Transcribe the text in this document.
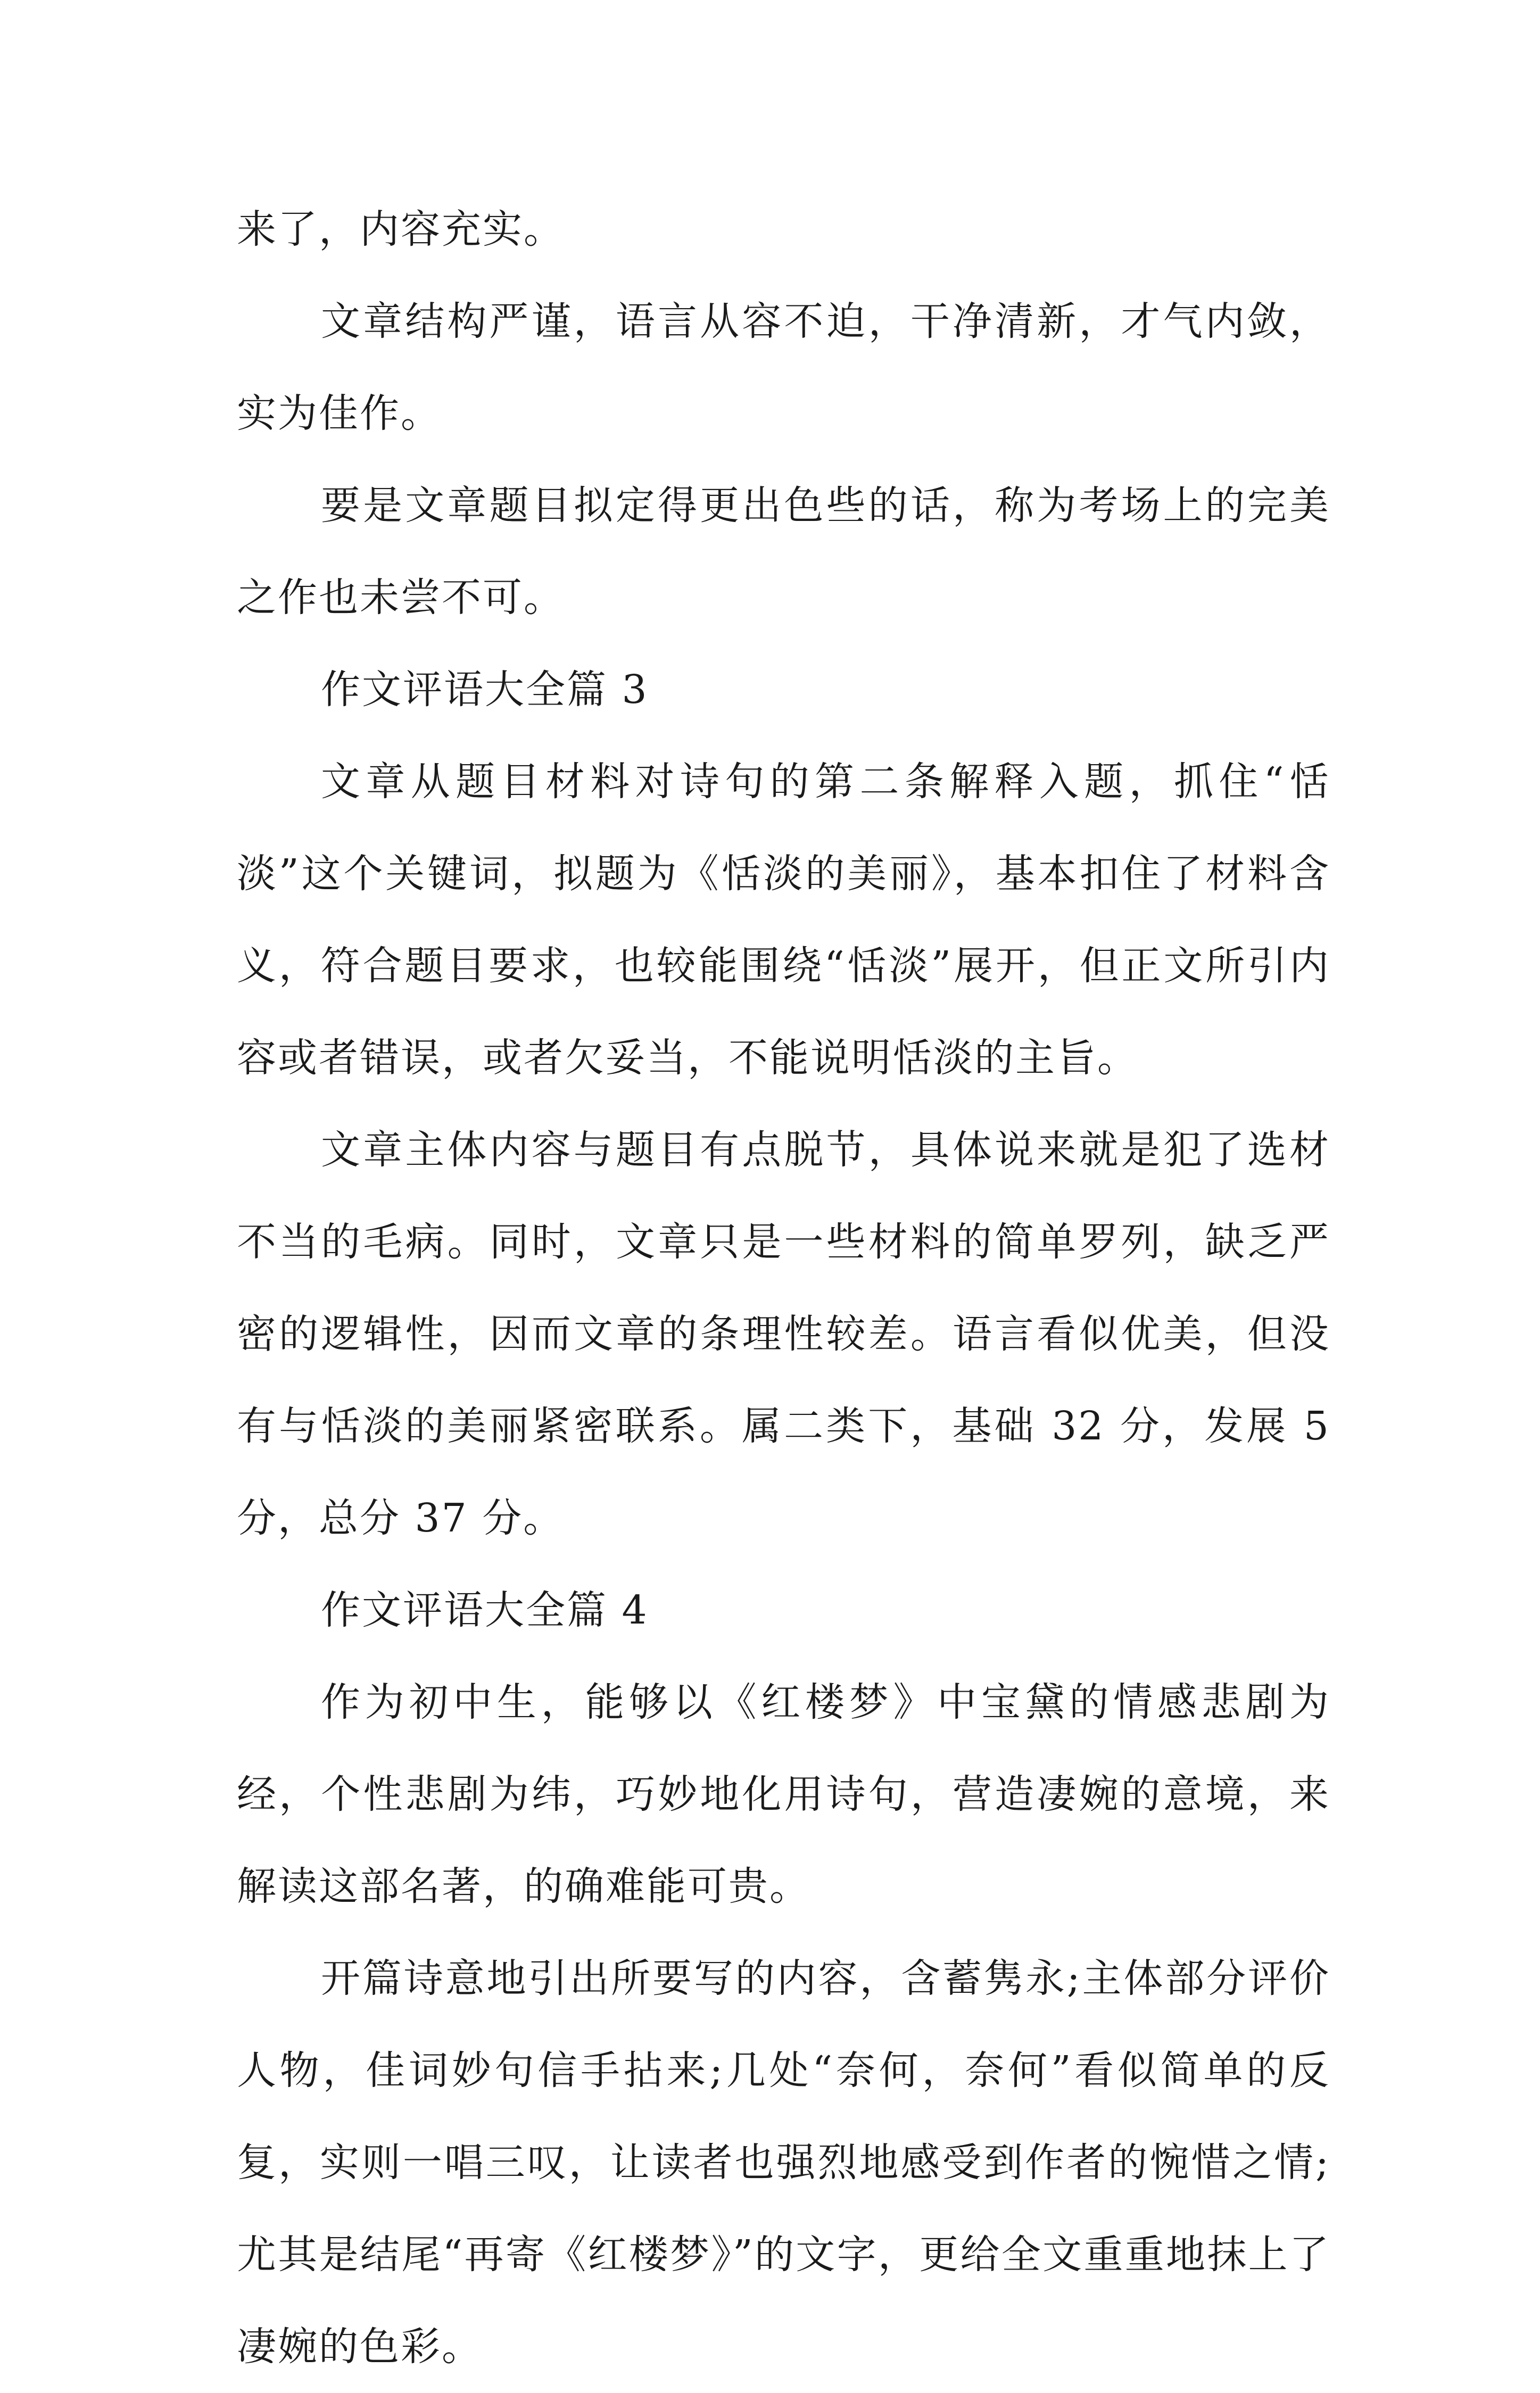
来了，内容充实。

文章结构严谨，语言从容不迫，干净清新，才气内敛，实为佳作。

要是文章题目拟定得更出色些的话，称为考场上的完美之作也未尝不可。

作文评语大全篇 3

文章从题目材料对诗句的第二条解释入题，抓住“恬淡”这个关键词，拟题为《恬淡的美丽》，基本扣住了材料含义，符合题目要求，也较能围绕“恬淡”展开，但正文所引内容或者错误，或者欠妥当，不能说明恬淡的主旨。

文章主体内容与题目有点脱节，具体说来就是犯了选材不当的毛病。同时，文章只是一些材料的简单罗列，缺乏严密的逻辑性，因而文章的条理性较差。语言看似优美，但没有与恬淡的美丽紧密联系。属二类下，基础 32 分，发展 5 分，总分 37 分。

作文评语大全篇 4

作为初中生，能够以《红楼梦》中宝黛的情感悲剧为经，个性悲剧为纬，巧妙地化用诗句，营造凄婉的意境，来解读这部名著，的确难能可贵。

开篇诗意地引出所要写的内容，含蓄隽永;主体部分评价人物，佳词妙句信手拈来;几处“奈何，奈何”看似简单的反复，实则一唱三叹，让读者也强烈地感受到作者的惋惜之情;尤其是结尾“再寄《红楼梦》”的文字，更给全文重重地抹上了凄婉的色彩。
